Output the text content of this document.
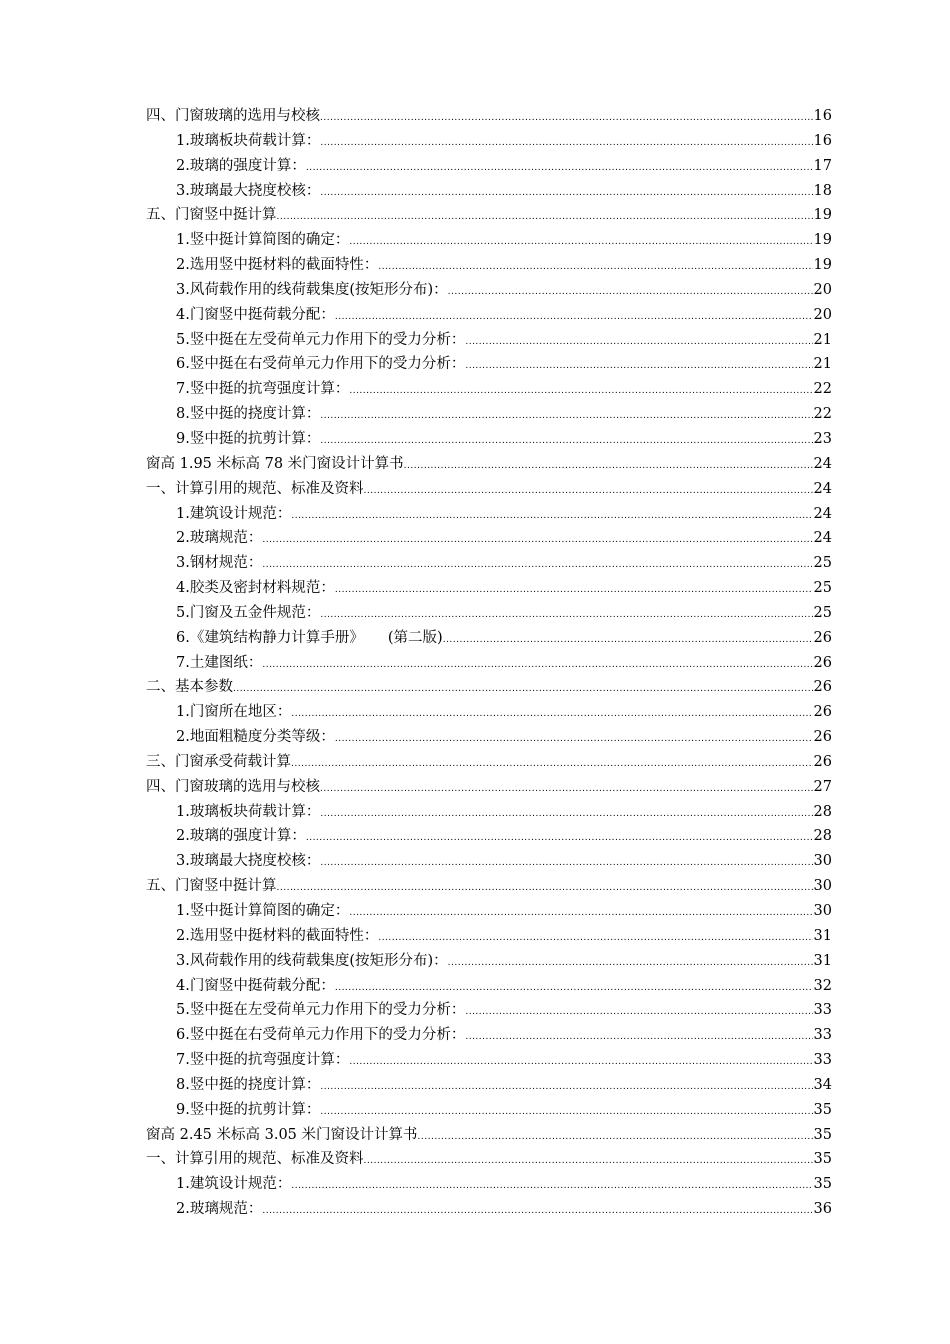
四、门窗玻璃的选用与校核 .....	16
1.玻璃板块荷载计算： .....	16
2.玻璃的强度计算： .....	17
3.玻璃最大挠度校核： .....	18
五、门窗竖中挺计算 .....	19
1.竖中挺计算简图的确定： .....	19
2.选用竖中挺材料的截面特性： .....	19
3.风荷载作用的线荷载集度(按矩形分布)： .....	20
4.门窗竖中挺荷载分配： .....	20
5.竖中挺在左受荷单元力作用下的受力分析： .....	21
6.竖中挺在右受荷单元力作用下的受力分析： .....	21
7.竖中挺的抗弯强度计算： .....	22
8.竖中挺的挠度计算： .....	22
9.竖中挺的抗剪计算： .....	23
窗高 1.95 米标高 78 米门窗设计计算书 .....	24
一、计算引用的规范、标准及资料 .....	24
1.建筑设计规范： .....	24
2.玻璃规范： .....	24
3.钢材规范： .....	25
4.胶类及密封材料规范： .....	25
5.门窗及五金件规范： .....	25
6.《建筑结构静力计算手册》 (第二版) .....	26
7.土建图纸： .....	26
二、基本参数 .....	26
1.门窗所在地区： .....	26
2.地面粗糙度分类等级： .....	26
三、门窗承受荷载计算 .....	26
四、门窗玻璃的选用与校核 .....	27
1.玻璃板块荷载计算： .....	28
2.玻璃的强度计算： .....	28
3.玻璃最大挠度校核： .....	30
五、门窗竖中挺计算 .....	30
1.竖中挺计算简图的确定： .....	30
2.选用竖中挺材料的截面特性： .....	31
3.风荷载作用的线荷载集度(按矩形分布)： .....	31
4.门窗竖中挺荷载分配： .....	32
5.竖中挺在左受荷单元力作用下的受力分析： .....	33
6.竖中挺在右受荷单元力作用下的受力分析： .....	33
7.竖中挺的抗弯强度计算： .....	33
8.竖中挺的挠度计算： .....	34
9.竖中挺的抗剪计算： .....	35
窗高 2.45 米标高 3.05 米门窗设计计算书 .....	35
一、计算引用的规范、标准及资料 .....	35
1.建筑设计规范： .....	35
2.玻璃规范： .....	36
